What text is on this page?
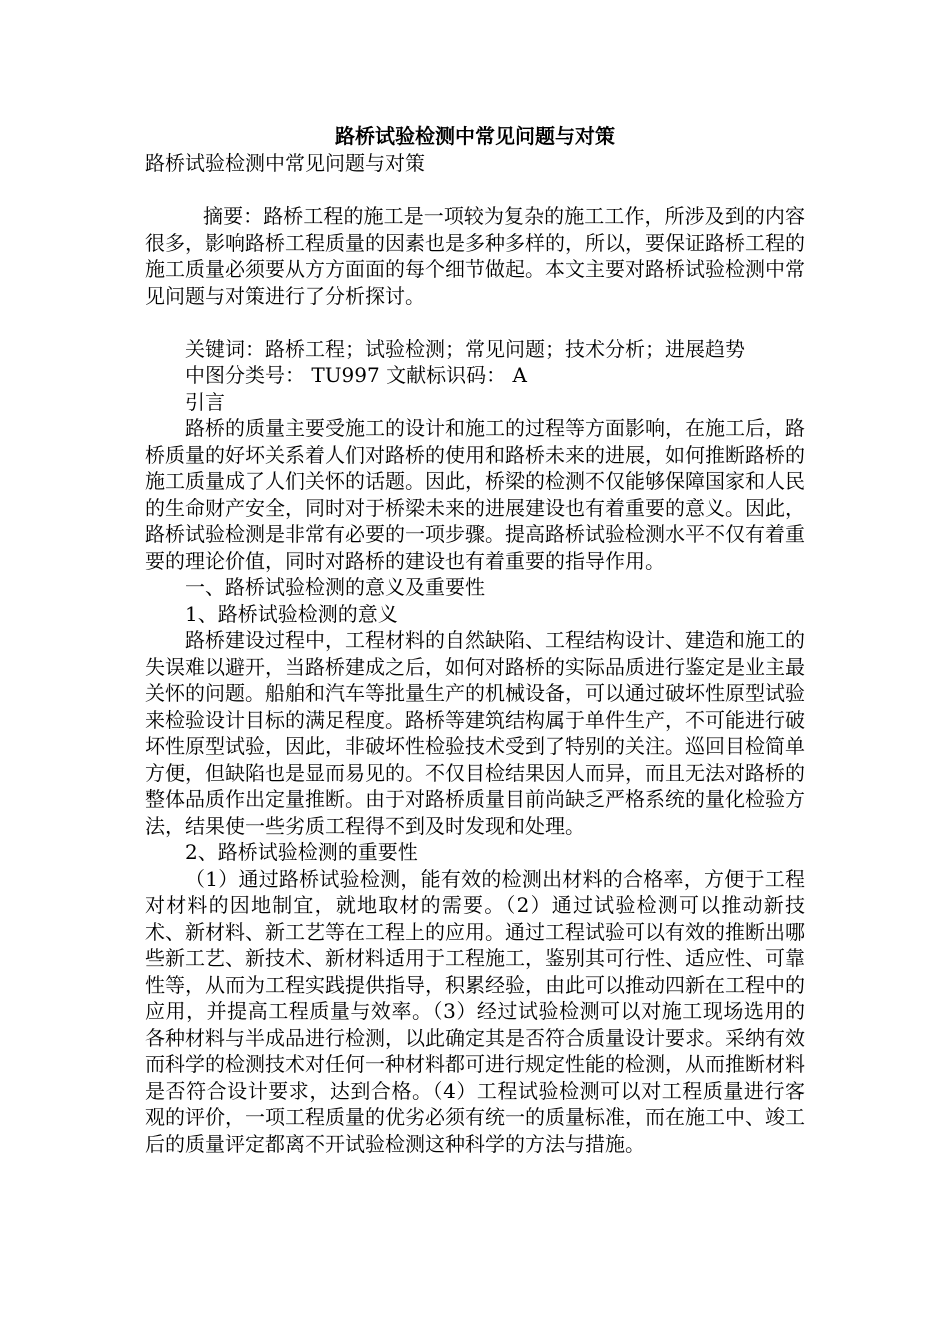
路桥试验检测中常见问题与对策

路桥试验检测中常见问题与对策

摘要：路桥工程的施工是一项较为复杂的施工工作，所涉及到的内容很多，影响路桥工程质量的因素也是多种多样的，所以，要保证路桥工程的施工质量必须要从方方面面的每个细节做起。本文主要对路桥试验检测中常见问题与对策进行了分析探讨。

关键词：路桥工程；试验检测；常见问题；技术分析；进展趋势

中图分类号： TU997 文献标识码： A

引言

路桥的质量主要受施工的设计和施工的过程等方面影响，在施工后，路桥质量的好坏关系着人们对路桥的使用和路桥未来的进展，如何推断路桥的施工质量成了人们关怀的话题。因此，桥梁的检测不仅能够保障国家和人民的生命财产安全，同时对于桥梁未来的进展建设也有着重要的意义。因此，路桥试验检测是非常有必要的一项步骤。提高路桥试验检测水平不仅有着重要的理论价值，同时对路桥的建设也有着重要的指导作用。

一、路桥试验检测的意义及重要性

1、路桥试验检测的意义

路桥建设过程中，工程材料的自然缺陷、工程结构设计、建造和施工的失误难以避开，当路桥建成之后，如何对路桥的实际品质进行鉴定是业主最关怀的问题。船舶和汽车等批量生产的机械设备，可以通过破坏性原型试验来检验设计目标的满足程度。路桥等建筑结构属于单件生产，不可能进行破坏性原型试验，因此，非破坏性检验技术受到了特别的关注。巡回目检简单方便，但缺陷也是显而易见的。不仅目检结果因人而异，而且无法对路桥的整体品质作出定量推断。由于对路桥质量目前尚缺乏严格系统的量化检验方法，结果使一些劣质工程得不到及时发现和处理。

2、路桥试验检测的重要性

（1）通过路桥试验检测，能有效的检测出材料的合格率，方便于工程对材料的因地制宜，就地取材的需要。（2）通过试验检测可以推动新技术、新材料、新工艺等在工程上的应用。通过工程试验可以有效的推断出哪些新工艺、新技术、新材料适用于工程施工，鉴别其可行性、适应性、可靠性等，从而为工程实践提供指导，积累经验，由此可以推动四新在工程中的应用，并提高工程质量与效率。（3）经过试验检测可以对施工现场选用的各种材料与半成品进行检测，以此确定其是否符合质量设计要求。采纳有效而科学的检测技术对任何一种材料都可进行规定性能的检测，从而推断材料是否符合设计要求，达到合格。（4）工程试验检测可以对工程质量进行客观的评价，一项工程质量的优劣必须有统一的质量标准，而在施工中、竣工后的质量评定都离不开试验检测这种科学的方法与措施。
